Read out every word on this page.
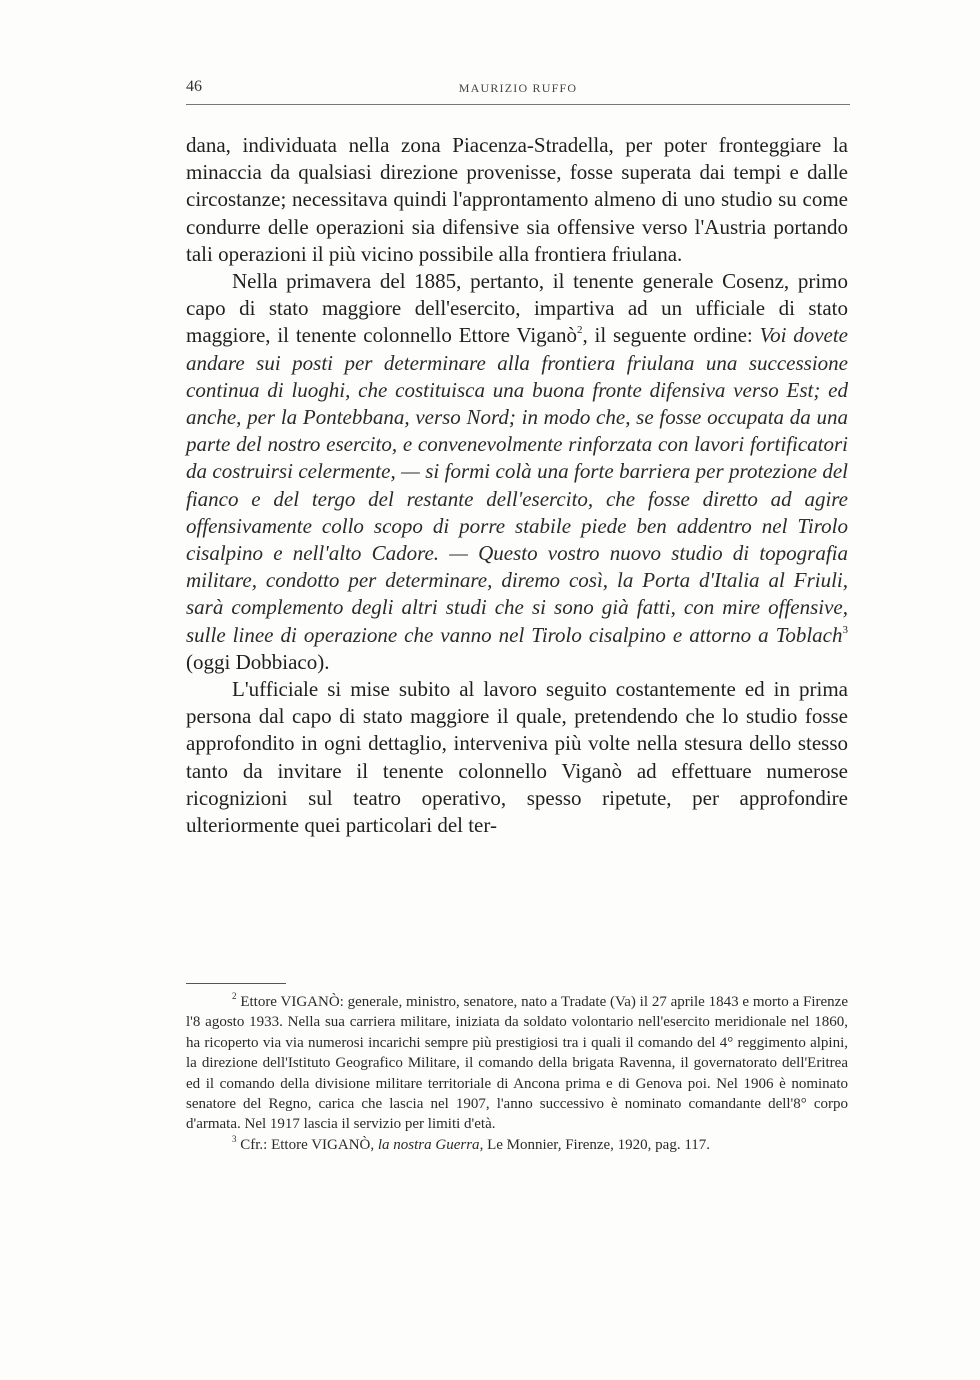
46	MAURIZIO RUFFO

dana, individuata nella zona Piacenza-Stradella, per poter fronteggiare la minaccia da qualsiasi direzione provenisse, fosse superata dai tempi e dalle circostanze; necessitava quindi l'approntamento almeno di uno studio su come condurre delle operazioni sia difensive sia offensive verso l'Austria portando tali operazioni il più vicino possibile alla frontiera friulana.

Nella primavera del 1885, pertanto, il tenente generale Cosenz, primo capo di stato maggiore dell'esercito, impartiva ad un ufficiale di stato maggiore, il tenente colonnello Ettore Viganò$^2$, il seguente ordine: Voi dovete andare sui posti per determinare alla frontiera friulana una successione continua di luoghi, che costituisca una buona fronte difensiva verso Est; ed anche, per la Pontebbana, verso Nord; in modo che, se fosse occupata da una parte del nostro esercito, e convenevolmente rinforzata con lavori fortificatori da costruirsi celermente, — si formi colà una forte barriera per protezione del fianco e del tergo del restante dell'esercito, che fosse diretto ad agire offensivamente collo scopo di porre stabile piede ben addentro nel Tirolo cisalpino e nell'alto Cadore. — Questo vostro nuovo studio di topografia militare, condotto per determinare, diremo così, la Porta d'Italia al Friuli, sarà complemento degli altri studi che si sono già fatti, con mire offensive, sulle linee di operazione che vanno nel Tirolo cisalpino e attorno a Toblach$^3$ (oggi Dobbiaco).

L'ufficiale si mise subito al lavoro seguito costantemente ed in prima persona dal capo di stato maggiore il quale, pretendendo che lo studio fosse approfondito in ogni dettaglio, interveniva più volte nella stesura dello stesso tanto da invitare il tenente colonnello Viganò ad effettuare numerose ricognizioni sul teatro operativo, spesso ripetute, per approfondire ulteriormente quei particolari del ter-

$^2$ Ettore VIGANÒ: generale, ministro, senatore, nato a Tradate (Va) il 27 aprile 1843 e morto a Firenze l'8 agosto 1933. Nella sua carriera militare, iniziata da soldato volontario nell'esercito meridionale nel 1860, ha ricoperto via via numerosi incarichi sempre più prestigiosi tra i quali il comando del 4° reggimento alpini, la direzione dell'Istituto Geografico Militare, il comando della brigata Ravenna, il governatorato dell'Eritrea ed il comando della divisione militare territoriale di Ancona prima e di Genova poi. Nel 1906 è nominato senatore del Regno, carica che lascia nel 1907, l'anno successivo è nominato comandante dell'8° corpo d'armata. Nel 1917 lascia il servizio per limiti d'età.

$^3$ Cfr.: Ettore VIGANÒ, la nostra Guerra, Le Monnier, Firenze, 1920, pag. 117.
